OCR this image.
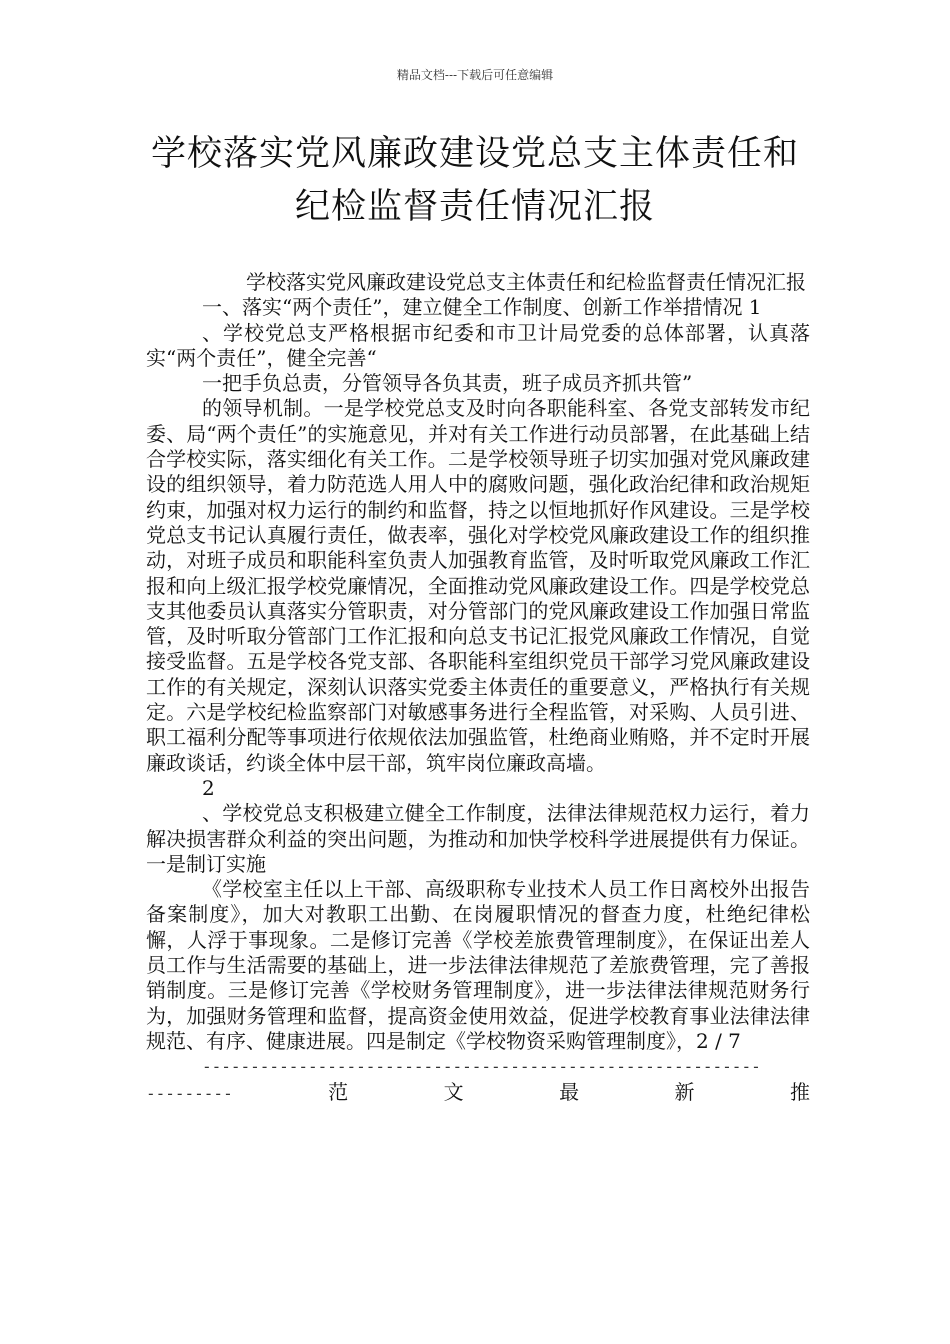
精品文档---下载后可任意编辑
学校落实党风廉政建设党总支主体责任和
纪检监督责任情况汇报

学校落实党风廉政建设党总支主体责任和纪检监督责任情况汇报

一、落实“两个责任”，建立健全工作制度、创新工作举措情况 1

、学校党总支严格根据市纪委和市卫计局党委的总体部署，认真落实“两个责任”，健全完善“

一把手负总责，分管领导各负其责，班子成员齐抓共管”

的领导机制。一是学校党总支及时向各职能科室、各党支部转发市纪委、局“两个责任”的实施意见，并对有关工作进行动员部署，在此基础上结合学校实际，落实细化有关工作。二是学校领导班子切实加强对党风廉政建设的组织领导，着力防范选人用人中的腐败问题，强化政治纪律和政治规矩约束，加强对权力运行的制约和监督，持之以恒地抓好作风建设。三是学校党总支书记认真履行责任，做表率，强化对学校党风廉政建设工作的组织推动，对班子成员和职能科室负责人加强教育监管，及时听取党风廉政工作汇报和向上级汇报学校党廉情况，全面推动党风廉政建设工作。四是学校党总支其他委员认真落实分管职责，对分管部门的党风廉政建设工作加强日常监管，及时听取分管部门工作汇报和向总支书记汇报党风廉政工作情况，自觉接受监督。五是学校各党支部、各职能科室组织党员干部学习党风廉政建设工作的有关规定，深刻认识落实党委主体责任的重要意义，严格执行有关规定。六是学校纪检监察部门对敏感事务进行全程监管，对采购、人员引进、职工福利分配等事项进行依规依法加强监管，杜绝商业贿赂，并不定时开展廉政谈话，约谈全体中层干部，筑牢岗位廉政高墙。

2

、学校党总支积极建立健全工作制度，法律法律规范权力运行，着力解决损害群众利益的突出问题，为推动和加快学校科学进展提供有力保证。一是制订实施

《学校室主任以上干部、高级职称专业技术人员工作日离校外出报告备案制度》，加大对教职工出勤、在岗履职情况的督查力度，杜绝纪律松懈，人浮于事现象。二是修订完善《学校差旅费管理制度》，在保证出差人员工作与生活需要的基础上，进一步法律法律规范了差旅费管理，完了善报销制度。三是修订完善《学校财务管理制度》，进一步法律法律规范财务行为，加强财务管理和监督，提高资金使用效益，促进学校教育事业法律法律规范、有序、健康进展。四是制定《学校物资采购管理制度》，2 / 7

----------------------------------------------------------
---------	范	文	最	新	推
